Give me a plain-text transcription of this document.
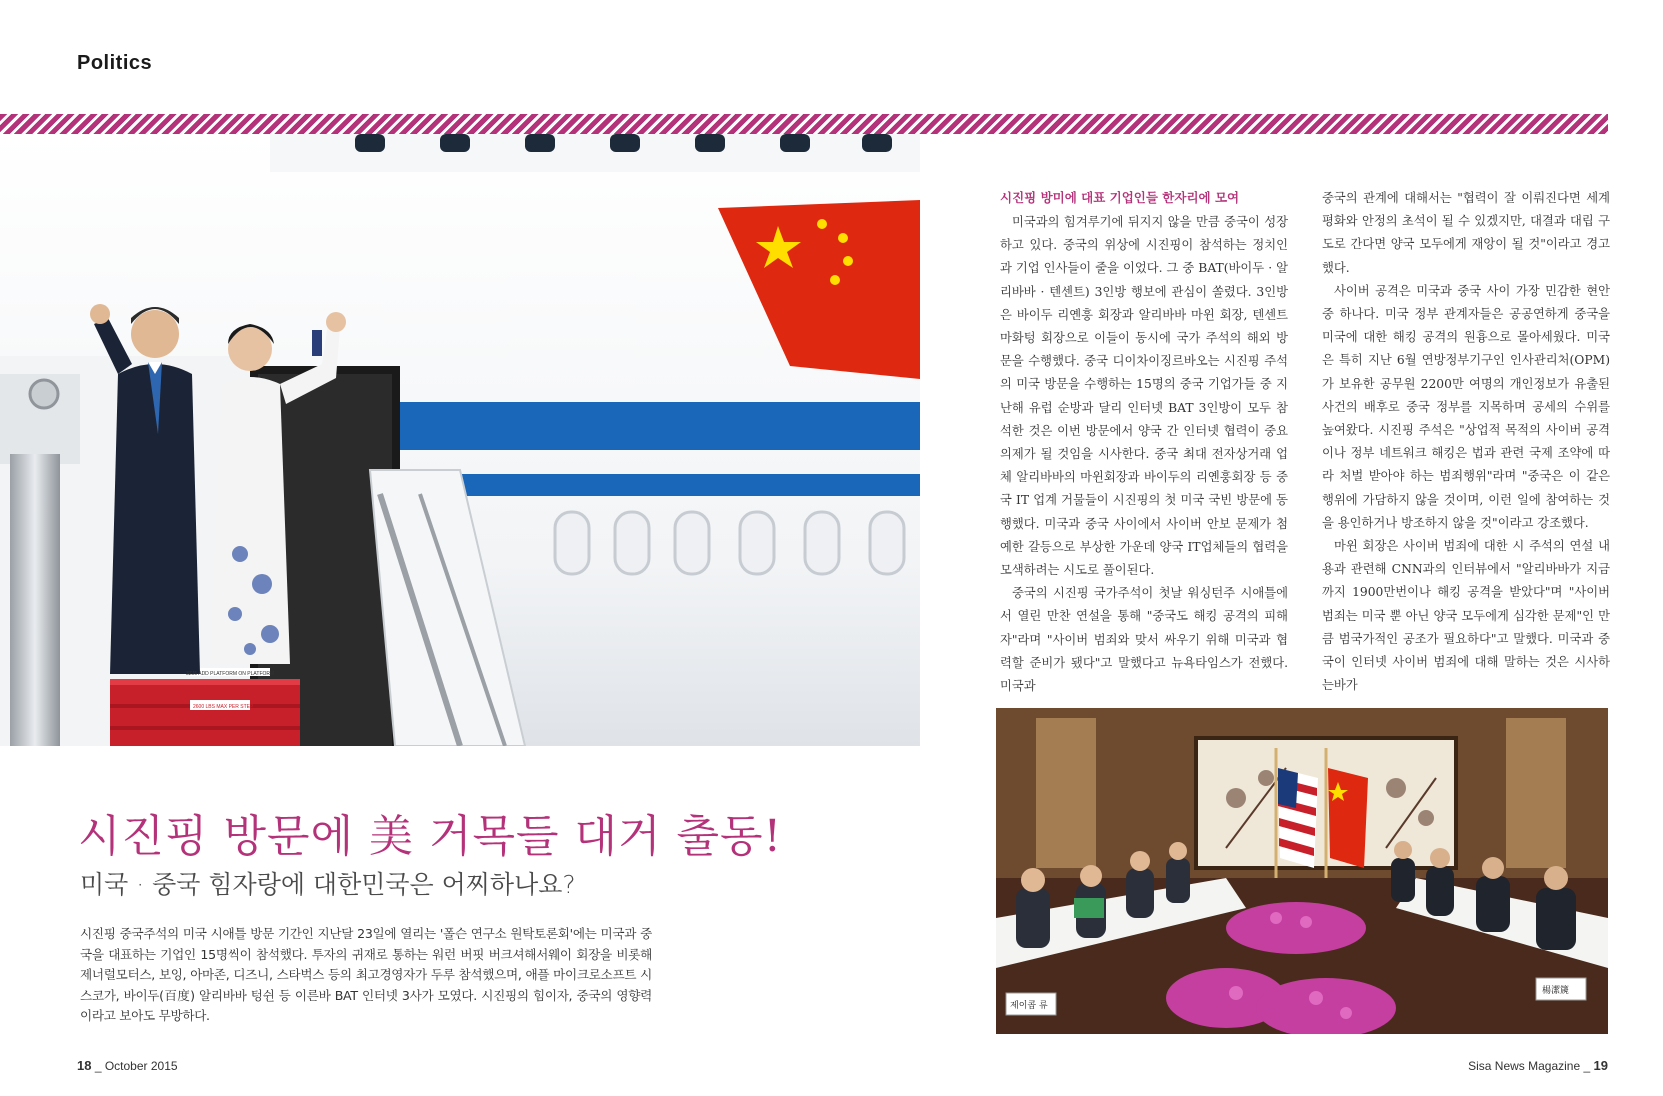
Politics
3ZJ5 ADD PLATFORM ON PLATFORM
2600 LBS MAX PER STEP
시진핑 방미에 대표 기업인들 한자리에 모여

미국과의 힘겨루기에 뒤지지 않을 만큼 중국이 성장하고 있다. 중국의 위상에 시진핑이 참석하는 정치인과 기업 인사들이 줄을 이었다. 그 중 BAT(바이두 · 알리바바 · 텐센트) 3인방 행보에 관심이 쏠렸다. 3인방은 바이두 리옌훙 회장과 알리바바 마윈 회장, 텐센트 마화텅 회장으로 이들이 동시에 국가 주석의 해외 방문을 수행했다. 중국 디이차이징르바오는 시진핑 주석의 미국 방문을 수행하는 15명의 중국 기업가들 중 지난해 유럽 순방과 달리 인터넷 BAT 3인방이 모두 참석한 것은 이번 방문에서 양국 간 인터넷 협력이 중요 의제가 될 것임을 시사한다. 중국 최대 전자상거래 업체 알리바바의 마윈회장과 바이두의 리옌훙회장 등 중국 IT 업계 거물들이 시진핑의 첫 미국 국빈 방문에 동행했다. 미국과 중국 사이에서 사이버 안보 문제가 첨예한 갈등으로 부상한 가운데 양국 IT업체들의 협력을 모색하려는 시도로 풀이된다.

중국의 시진핑 국가주석이 첫날 워싱턴주 시애틀에서 열린 만찬 연설을 통해 "중국도 해킹 공격의 피해자"라며 "사이버 범죄와 맞서 싸우기 위해 미국과 협력할 준비가 됐다"고 말했다고 뉴욕타임스가 전했다. 미국과

중국의 관계에 대해서는 "협력이 잘 이뤄진다면 세계 평화와 안정의 초석이 될 수 있겠지만, 대결과 대립 구도로 간다면 양국 모두에게 재앙이 될 것"이라고 경고했다.

사이버 공격은 미국과 중국 사이 가장 민감한 현안 중 하나다. 미국 정부 관계자들은 공공연하게 중국을 미국에 대한 해킹 공격의 원흉으로 몰아세웠다. 미국은 특히 지난 6월 연방정부기구인 인사관리처(OPM)가 보유한 공무원 2200만 여명의 개인정보가 유출된 사건의 배후로 중국 정부를 지목하며 공세의 수위를 높여왔다. 시진핑 주석은 "상업적 목적의 사이버 공격이나 정부 네트워크 해킹은 법과 관련 국제 조약에 따라 처벌 받아야 하는 범죄행위"라며 "중국은 이 같은 행위에 가담하지 않을 것이며, 이런 일에 참여하는 것을 용인하거나 방조하지 않을 것"이라고 강조했다.

마윈 회장은 사이버 범죄에 대한 시 주석의 연설 내용과 관련해 CNN과의 인터뷰에서 "알리바바가 지금까지 1900만번이나 해킹 공격을 받았다"며 "사이버 범죄는 미국 뿐 아닌 양국 모두에게 심각한 문제"인 만큼 범국가적인 공조가 필요하다"고 말했다. 미국과 중국이 인터넷 사이버 범죄에 대해 말하는 것은 시사하는바가

제이콥 류
楊潔篪
시진핑 방문에 美 거목들 대거 출동!
미국 · 중국 힘자랑에 대한민국은 어찌하나요?
시진핑 중국주석의 미국 시애틀 방문 기간인 지난달 23일에 열리는 '폴슨 연구소 원탁토론회'에는 미국과 중국을 대표하는 기업인 15명씩이 참석했다. 투자의 귀재로 통하는 워런 버핏 버크셔해서웨이 회장을 비롯해 제너럴모터스, 보잉, 아마존, 디즈니, 스타벅스 등의 최고경영자가 두루 참석했으며, 애플 마이크로소프트 시스코가, 바이두(百度) 알리바바 텅쉰 등 이른바 BAT 인터넷 3사가 모였다. 시진핑의 힘이자, 중국의 영향력이라고 보아도 무방하다.
18 _ October 2015	Sisa News Magazine _ 19
